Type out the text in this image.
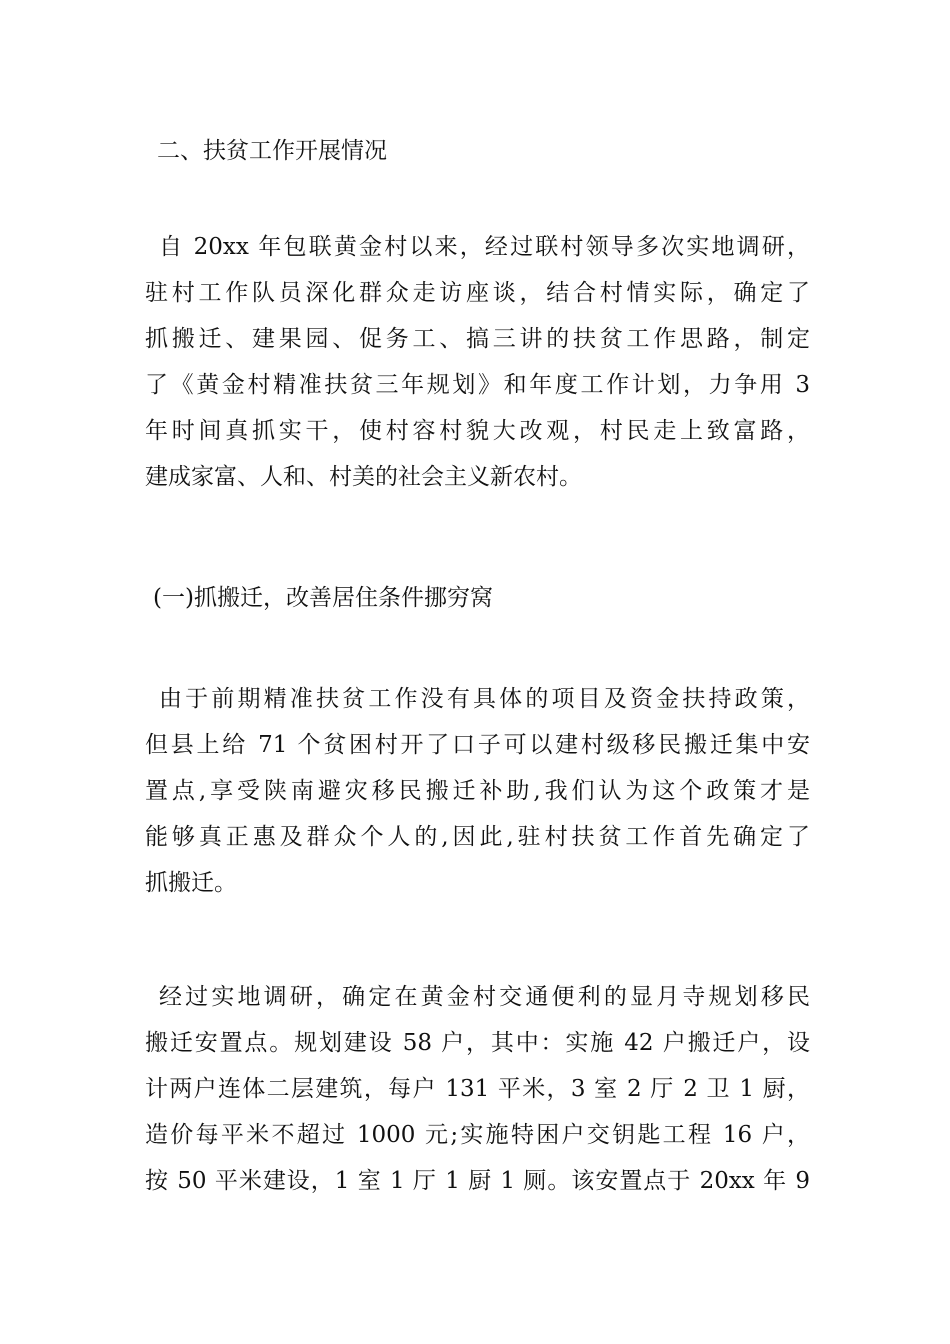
二、扶贫工作开展情况
自 20xx 年包联黄金村以来，经过联村领导多次实地调研，
驻村工作队员深化群众走访座谈，结合村情实际，确定了
抓搬迁、建果园、促务工、搞三讲的扶贫工作思路，制定
了《黄金村精准扶贫三年规划》和年度工作计划，力争用 3
年时间真抓实干，使村容村貌大改观，村民走上致富路，
建成家富、人和、村美的社会主义新农村。
(一)抓搬迁，改善居住条件挪穷窝
由于前期精准扶贫工作没有具体的项目及资金扶持政策，
但县上给 71 个贫困村开了口子可以建村级移民搬迁集中安
置点,享受陕南避灾移民搬迁补助,我们认为这个政策才是
能够真正惠及群众个人的,因此,驻村扶贫工作首先确定了
抓搬迁。
经过实地调研，确定在黄金村交通便利的显月寺规划移民
搬迁安置点。规划建设 58 户，其中：实施 42 户搬迁户，设
计两户连体二层建筑，每户 131 平米，3 室 2 厅 2 卫 1 厨，
造价每平米不超过 1000 元;实施特困户交钥匙工程 16 户，
按 50 平米建设，1 室 1 厅 1 厨 1 厕。该安置点于 20xx 年 9
